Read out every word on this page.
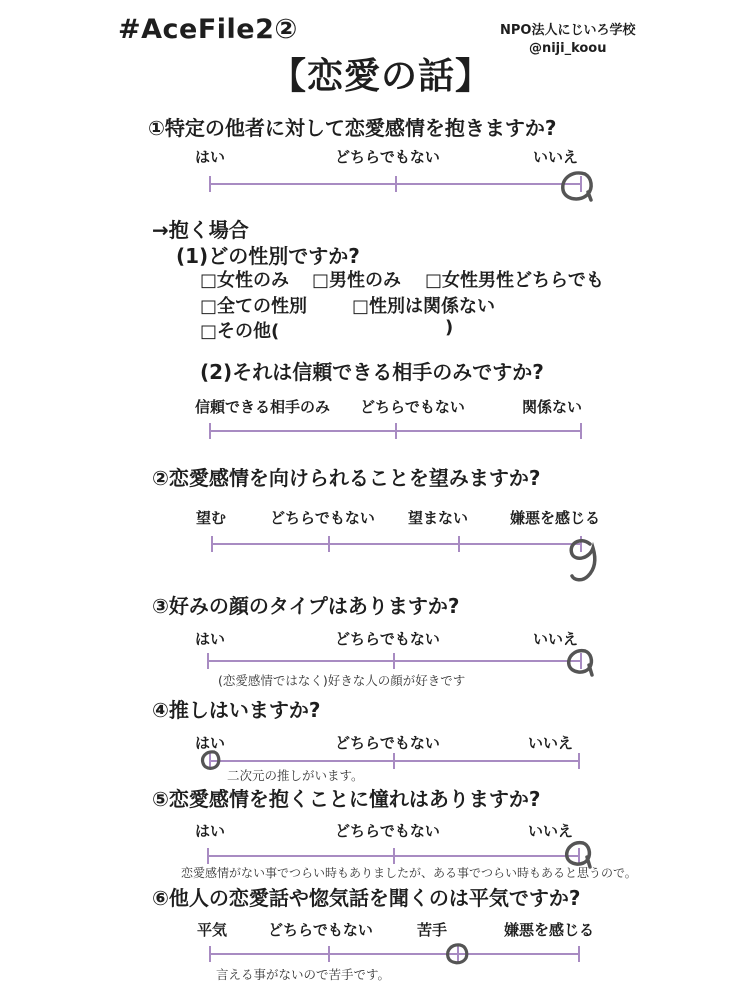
#AceFile2②	NPO法人にじいろ学校
@niji_koou
【恋愛の話】
①特定の他者に対して恋愛感情を抱きますか?
はい	どちらでもない	いいえ
→抱く場合
(1)どの性別ですか?
□女性のみ □男性のみ □女性男性どちらでも
□全ての性別 □性別は関係ない
□その他(	)
(2)それは信頼できる相手のみですか?
信頼できる相手のみ どちらでもない	関係ない
②恋愛感情を向けられることを望みますか?
望む	どちらでもない 望まない	嫌悪を感じる
③好みの顔のタイプはありますか?
はい	どちらでもない	いいえ
(恋愛感情ではなく)好きな人の顔が好きです
④推しはいますか?
はい	どちらでもない	いいえ
二次元の推しがいます。
⑤恋愛感情を抱くことに憧れはありますか?
はい	どちらでもない	いいえ
恋愛感情がない事でつらい時もありましたが、ある事でつらい時もあると思うので。
⑥他人の恋愛話や惚気話を聞くのは平気ですか?
平気	どちらでもない	苦手	嫌悪を感じる
言える事がないので苦手です。
